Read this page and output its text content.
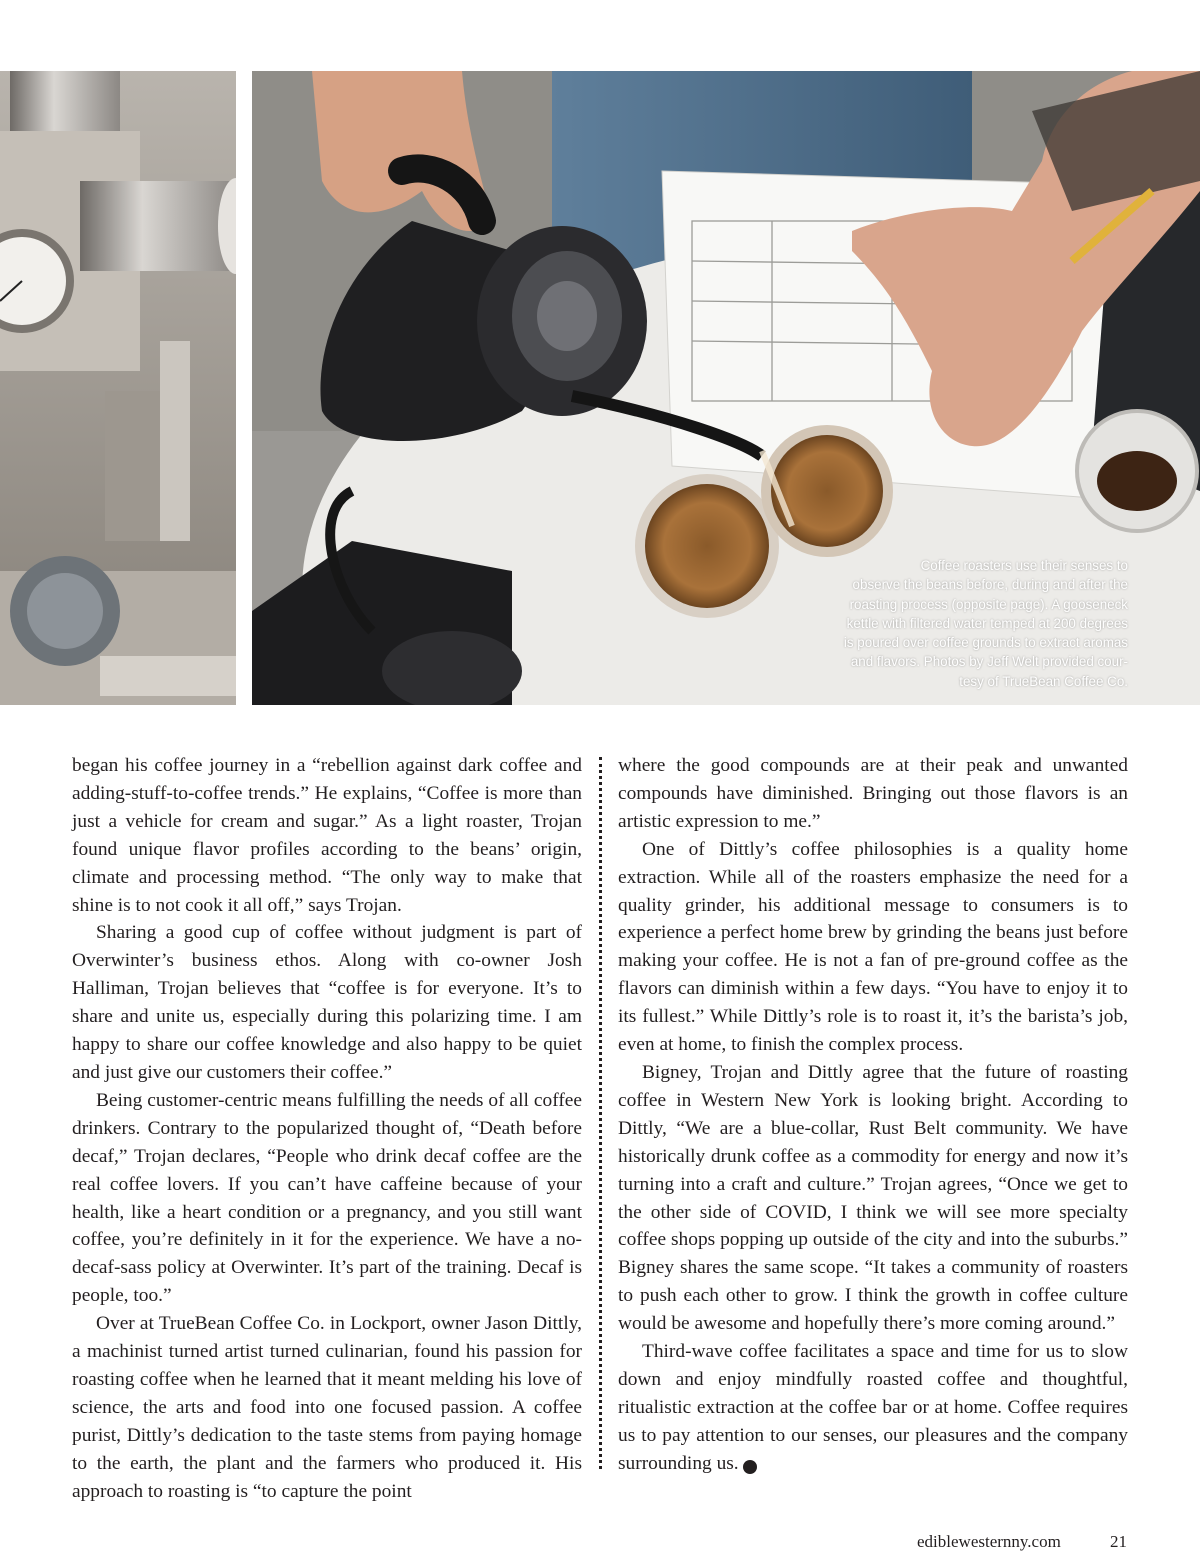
Coffee roasters use their senses to
observe the beans before, during and after the
roasting process (opposite page). A gooseneck
kettle with filtered water temped at 200 degrees
is poured over coffee grounds to extract aromas
and flavors. Photos by Jeff Welt provided cour-
tesy of TrueBean Coffee Co.

began his coffee journey in a “rebellion against dark coffee and adding-stuff-to-coffee trends.” He explains, “Coffee is more than just a vehicle for cream and sugar.” As a light roaster, Trojan found unique flavor profiles according to the beans’ origin, climate and processing method. “The only way to make that shine is to not cook it all off,” says Trojan.

Sharing a good cup of coffee without judgment is part of Overwinter’s business ethos. Along with co-owner Josh Halliman, Trojan believes that “coffee is for everyone. It’s to share and unite us, especially during this polarizing time. I am happy to share our coffee knowledge and also happy to be quiet and just give our customers their coffee.”

Being customer-centric means fulfilling the needs of all coffee drinkers. Contrary to the popularized thought of, “Death before decaf,” Trojan declares, “People who drink decaf coffee are the real coffee lovers. If you can’t have caffeine because of your health, like a heart condition or a pregnancy, and you still want coffee, you’re definitely in it for the experience. We have a no-decaf-sass policy at Overwinter. It’s part of the training. Decaf is people, too.”

Over at TrueBean Coffee Co. in Lockport, owner Jason Dittly, a machinist turned artist turned culinarian, found his passion for roasting coffee when he learned that it meant melding his love of science, the arts and food into one focused passion. A coffee purist, Dittly’s dedication to the taste stems from paying homage to the earth, the plant and the farmers who produced it. His approach to roasting is “to capture the point

where the good compounds are at their peak and unwanted compounds have diminished. Bringing out those flavors is an artistic expression to me.”

One of Dittly’s coffee philosophies is a quality home extraction. While all of the roasters emphasize the need for a quality grinder, his additional message to consumers is to experience a perfect home brew by grinding the beans just before making your coffee. He is not a fan of pre-ground coffee as the flavors can diminish within a few days. “You have to enjoy it to its fullest.” While Dittly’s role is to roast it, it’s the barista’s job, even at home, to finish the complex process.

Bigney, Trojan and Dittly agree that the future of roasting coffee in Western New York is looking bright. According to Dittly, “We are a blue-collar, Rust Belt community. We have historically drunk coffee as a commodity for energy and now it’s turning into a craft and culture.” Trojan agrees, “Once we get to the other side of COVID, I think we will see more specialty coffee shops popping up outside of the city and into the suburbs.” Bigney shares the same scope. “It takes a community of roasters to push each other to grow. I think the growth in coffee culture would be awesome and hopefully there’s more coming around.”

Third-wave coffee facilitates a space and time for us to slow down and enjoy mindfully roasted coffee and thoughtful, ritualistic extraction at the coffee bar or at home. Coffee requires us to pay attention to our senses, our pleasures and the company surrounding us.	e

ediblewesternny.com	21
